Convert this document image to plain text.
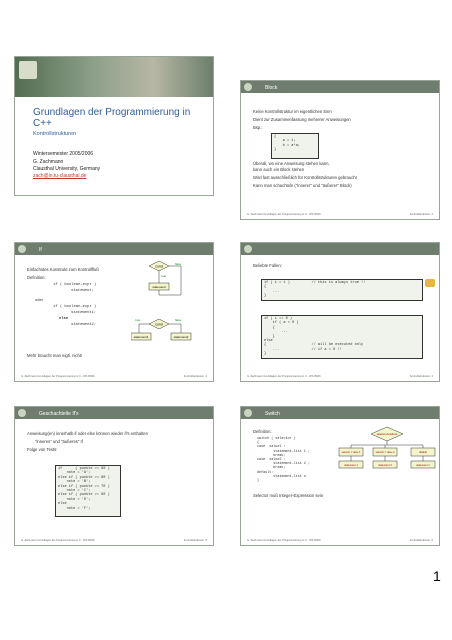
Grundlagen der Programmierung in C++
Kontrollstrukturen
Wintersemester 2005/2006
G. Zachmann
Clausthal University, Germany
zach@in.tu-clausthal.de
Block

Keine Kontrollstruktur im eigentlichen Sinn

Dient zur Zusammenfassung mehrerer Anweisungen

Bsp.:

{
a = 1;
b = a*a;
}

Überall, wo eine Anweisung stehen kann,

kann auch ein Block stehen

Wird fast ausschließlich für Kontrollstrukturen gebraucht

Kann man schachteln ("innerer" und "äußerer" Block)

G. Zachmann Grundlagen der Programmierung in C - WS 05/06	Kontrollstrukturen, 2
If

Einfachstes Konstrukt zum Kontrollfluß

Definition:

if ( boolean-expr )
statement;
oder
if ( boolean-expr )
statement1;
else
statement2;
Mehr braucht man eigtl. nicht!
cond
false
true
statement
cond
true	false
statement1	statement2
G. Zachmann Grundlagen der Programmierung in C - WS 05/06	Kontrollstrukturen, 3
Beliebte Fallen:
if ( i = 1 )          // this is always true !!
{
...
}
if ( i == 0 )
if ( a < 0 )
{
...
}
else
{                     // will be executed only
...               // if a < 0 !!
}
G. Zachmann Grundlagen der Programmierung in C - WS 05/06	Kontrollstrukturen, 4
Geschachtelte If's

Anweisung(en) innerhalb if oder else können wieder if's enthalten

"inneres" und "äußeres" If

Folge von Tests:

if      ( punkte >= 90 )
note = 'A';
else if ( punkte >= 80 )
note = 'B';
else if ( punkte >= 70 )
note = 'C';
else if ( punkte >= 60 )
note = 'D';
else
note = 'F';
G. Zachmann Grundlagen der Programmierung in C - WS 05/06	Kontrollstrukturen, 5
Switch
Definition:
switch ( selector )
{
case  value1 :
statement-list 1 ;
break;
case  value2 :
statement-list 2 ;
break;
default:
statement-list n
}
Selector muß Integer-Expression sein
selector-Ausdruck
selector = value 1	selector = value 2	default
statement 1	statement 2	statement n
G. Zachmann Grundlagen der Programmierung in C - WS 05/06	Kontrollstrukturen, 6
1
